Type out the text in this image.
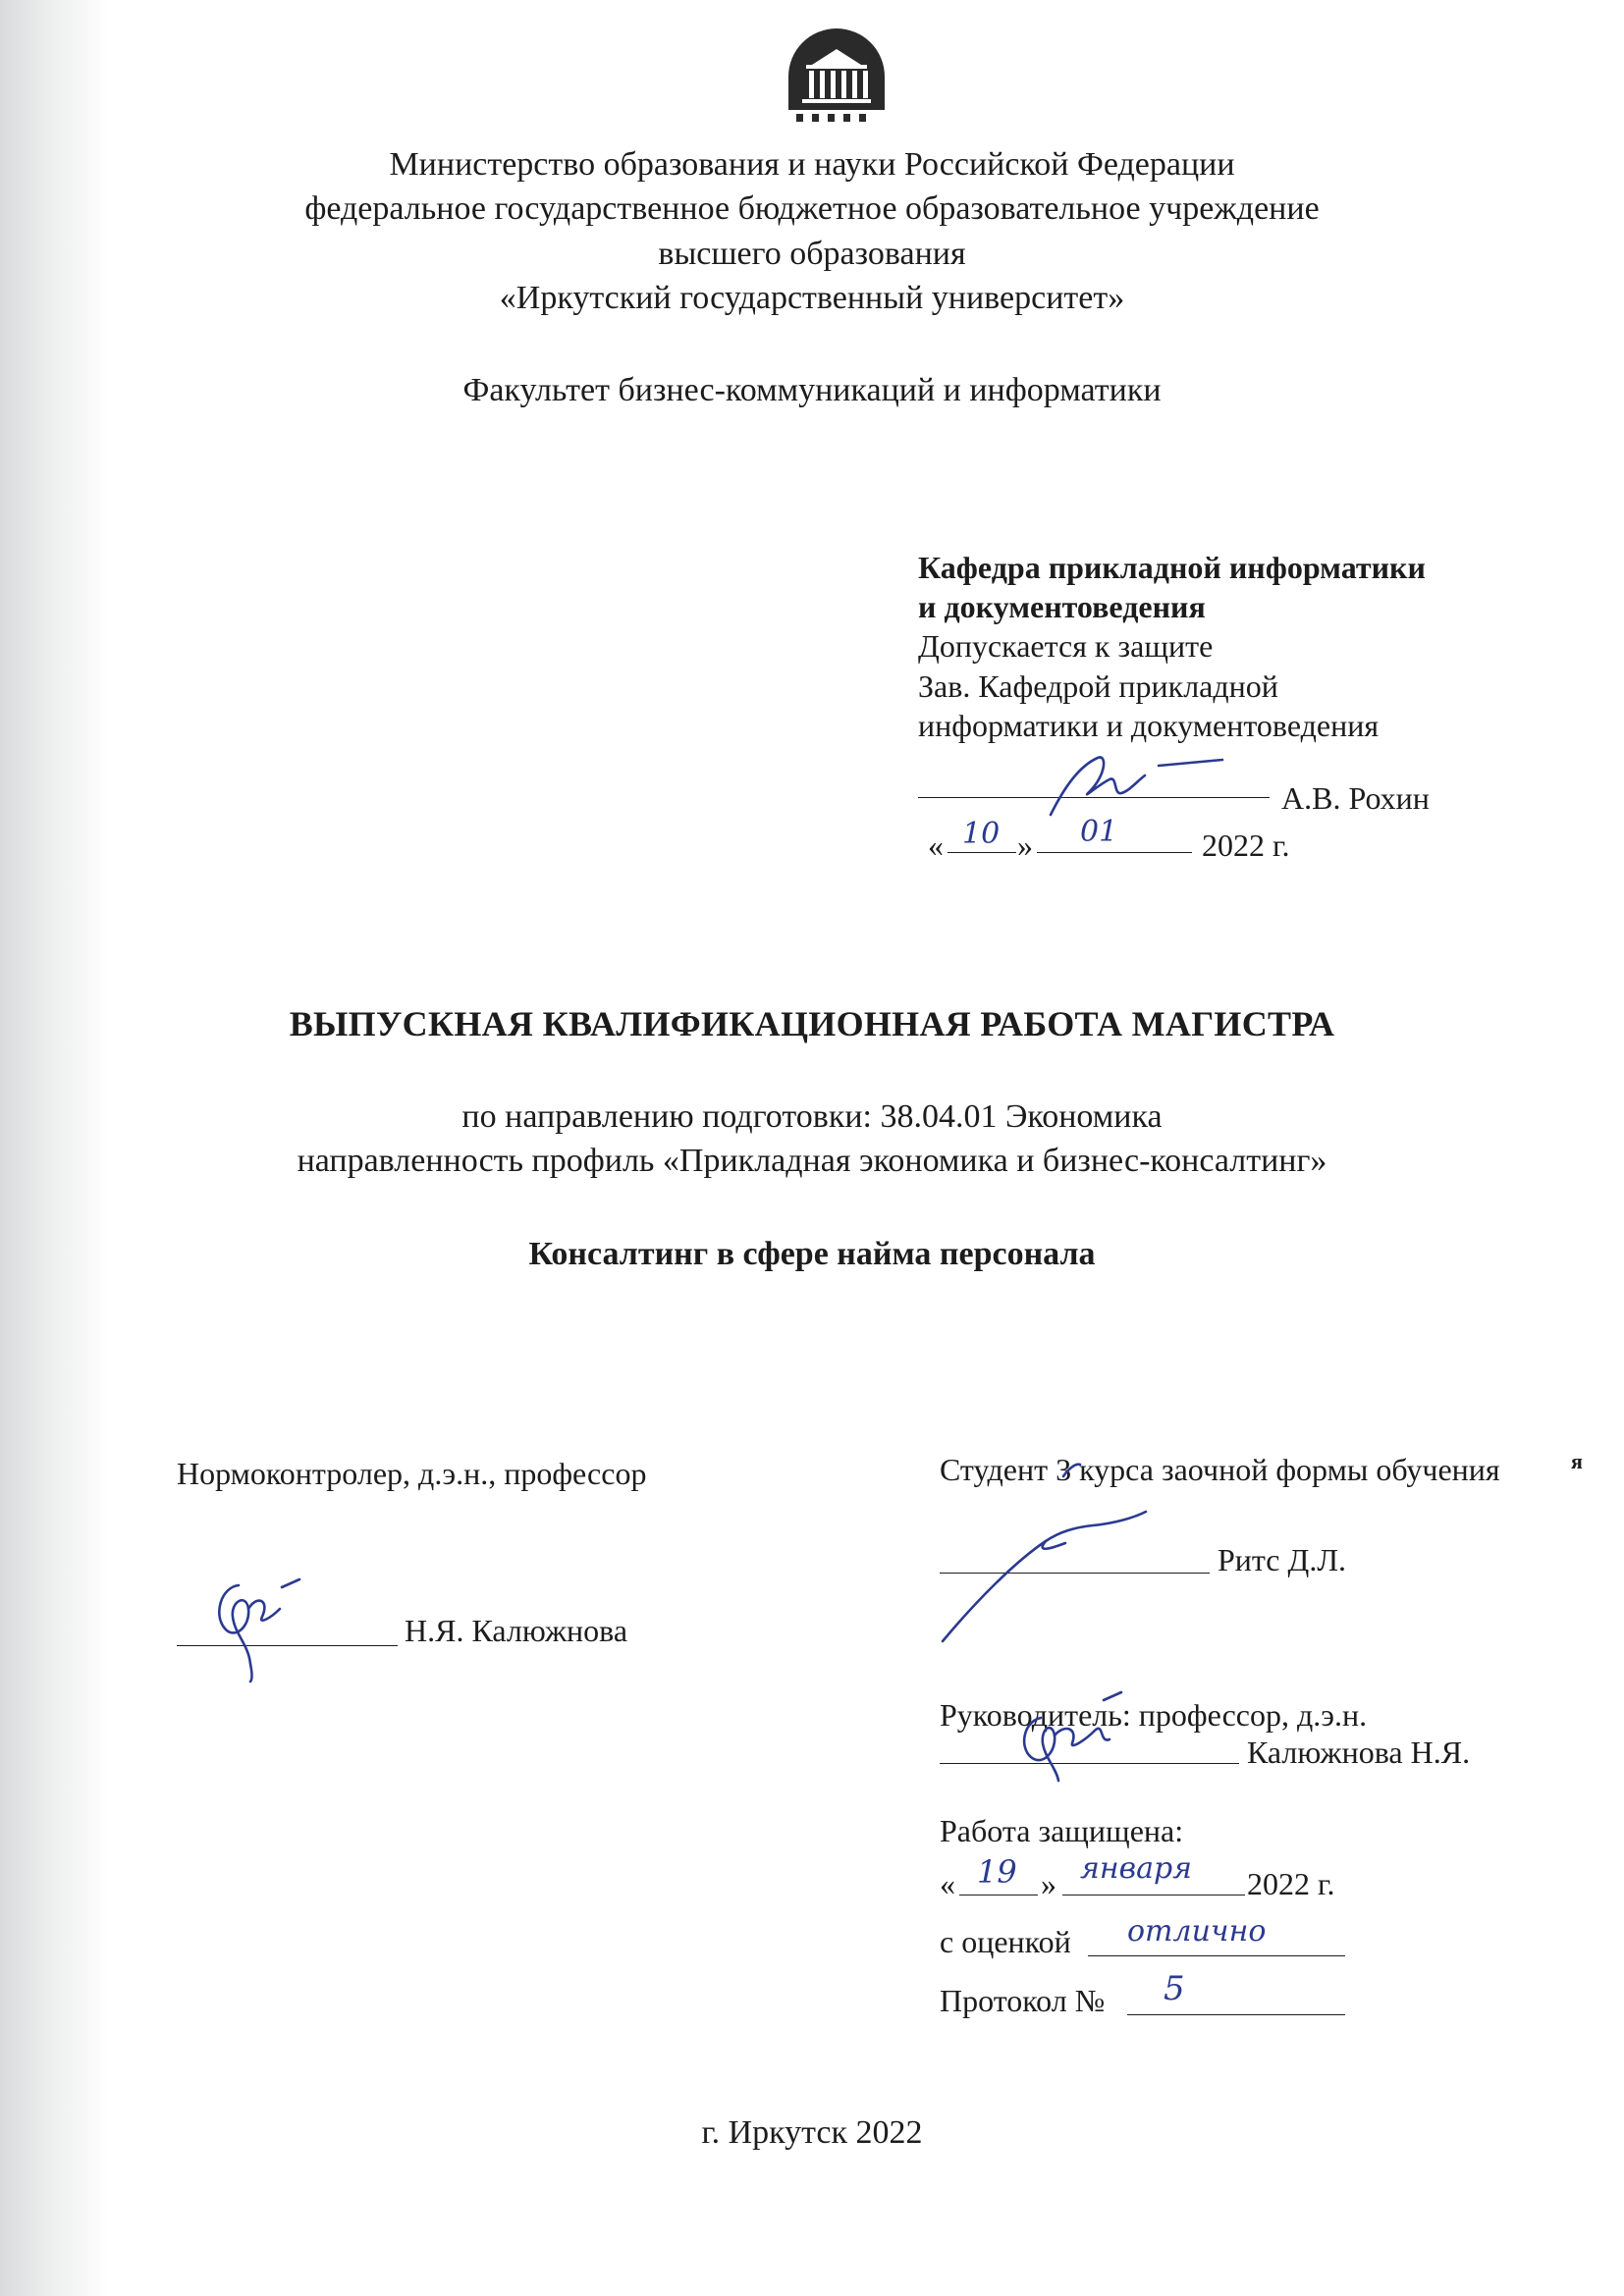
Министерство образования и науки Российской Федерации
федеральное государственное бюджетное образовательное учреждение
высшего образования
«Иркутский государственный университет»
Факультет бизнес-коммуникаций и информатики
Кафедра прикладной информатики
и документоведения
Допускается к защите
Зав. Кафедрой прикладной
информатики и документоведения
А.В. Рохин
« 10 » 01	2022 г.
ВЫПУСКНАЯ КВАЛИФИКАЦИОННАЯ РАБОТА МАГИСТРА
по направлению подготовки: 38.04.01 Экономика
направленность профиль «Прикладная экономика и бизнес-консалтинг»
Консалтинг в сфере найма персонала
Нормоконтролер, д.э.н., профессор
Н.Я. Калюжнова
Студент 3 курса заочной формы обучения	я
Ритс Д.Л.
Руководитель: профессор, д.э.н.
Калюжнова Н.Я.
Работа защищена:
« 19 » января 2022 г.
с оценкой отлично
Протокол № 5
г. Иркутск 2022
